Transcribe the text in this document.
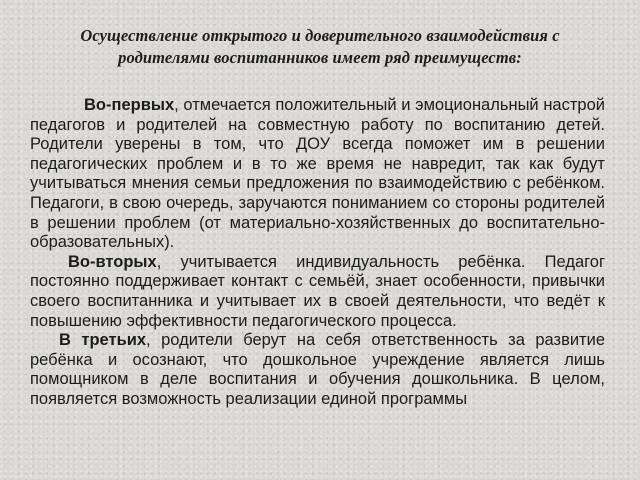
Осуществление открытого и доверительного взаимодействия с
родителями воспитанников имеет ряд преимуществ:

Во-первых, отмечается положительный и эмоциональный настрой педагогов и родителей на совместную работу по воспитанию детей. Родители уверены в том, что ДОУ всегда поможет им в решении педагогических проблем и в то же время не навредит, так как будут учитываться мнения семьи предложения по взаимодействию с ребёнком. Педагоги, в свою очередь, заручаются пониманием со стороны родителей в решении проблем (от материально-хозяйственных до воспитательно-образовательных).

Во-вторых, учитывается индивидуальность ребёнка. Педагог постоянно поддерживает контакт с семьёй, знает особенности, привычки своего воспитанника и учитывает их в своей деятельности, что ведёт к повышению эффективности педагогического процесса.

В третьих, родители берут на себя ответственность за развитие ребёнка и осознают, что дошкольное учреждение является лишь помощником в деле воспитания и обучения дошкольника. В целом, появляется возможность реализации единой программы
